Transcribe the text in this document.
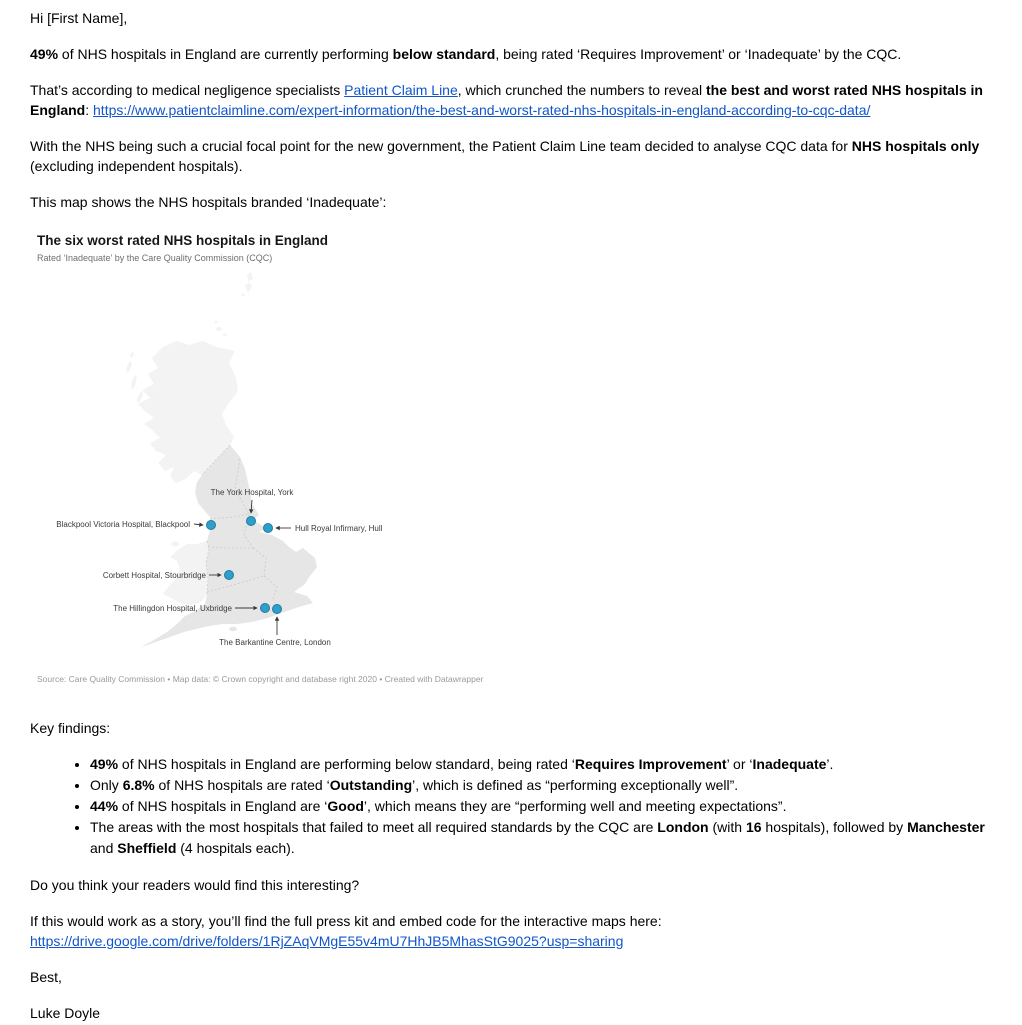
Hi [First Name],

49% of NHS hospitals in England are currently performing below standard, being rated ‘Requires Improvement’ or ‘Inadequate’ by the CQC.

That’s according to medical negligence specialists Patient Claim Line, which crunched the numbers to reveal the best and worst rated NHS hospitals in England: https://www.patientclaimline.com/expert-information/the-best-and-worst-rated-nhs-hospitals-in-england-according-to-cqc-data/

With the NHS being such a crucial focal point for the new government, the Patient Claim Line team decided to analyse CQC data for NHS hospitals only (excluding independent hospitals).

This map shows the NHS hospitals branded ‘Inadequate’:

The six worst rated NHS hospitals in England
Rated ‘Inadequate’ by the Care Quality Commission (CQC)
The York Hospital, York
Blackpool Victoria Hospital, Blackpool	Hull Royal Infirmary, Hull
Corbett Hospital, Stourbridge
The Hillingdon Hospital, Uxbridge
The Barkantine Centre, London
Source: Care Quality Commission • Map data: © Crown copyright and database right 2020 • Created with Datawrapper

Key findings:

• 49% of NHS hospitals in England are performing below standard, being rated ‘Requires Improvement’ or ‘Inadequate’.
• Only 6.8% of NHS hospitals are rated ‘Outstanding’, which is defined as “performing exceptionally well”.
• 44% of NHS hospitals in England are ‘Good’, which means they are “performing well and meeting expectations”.
• The areas with the most hospitals that failed to meet all required standards by the CQC are London (with 16 hospitals), followed by Manchester and Sheffield (4 hospitals each).

Do you think your readers would find this interesting?

If this would work as a story, you’ll find the full press kit and embed code for the interactive maps here: https://drive.google.com/drive/folders/1RjZAqVMgE55v4mU7HhJB5MhasStG9025?usp=sharing

Best,

Luke Doyle
